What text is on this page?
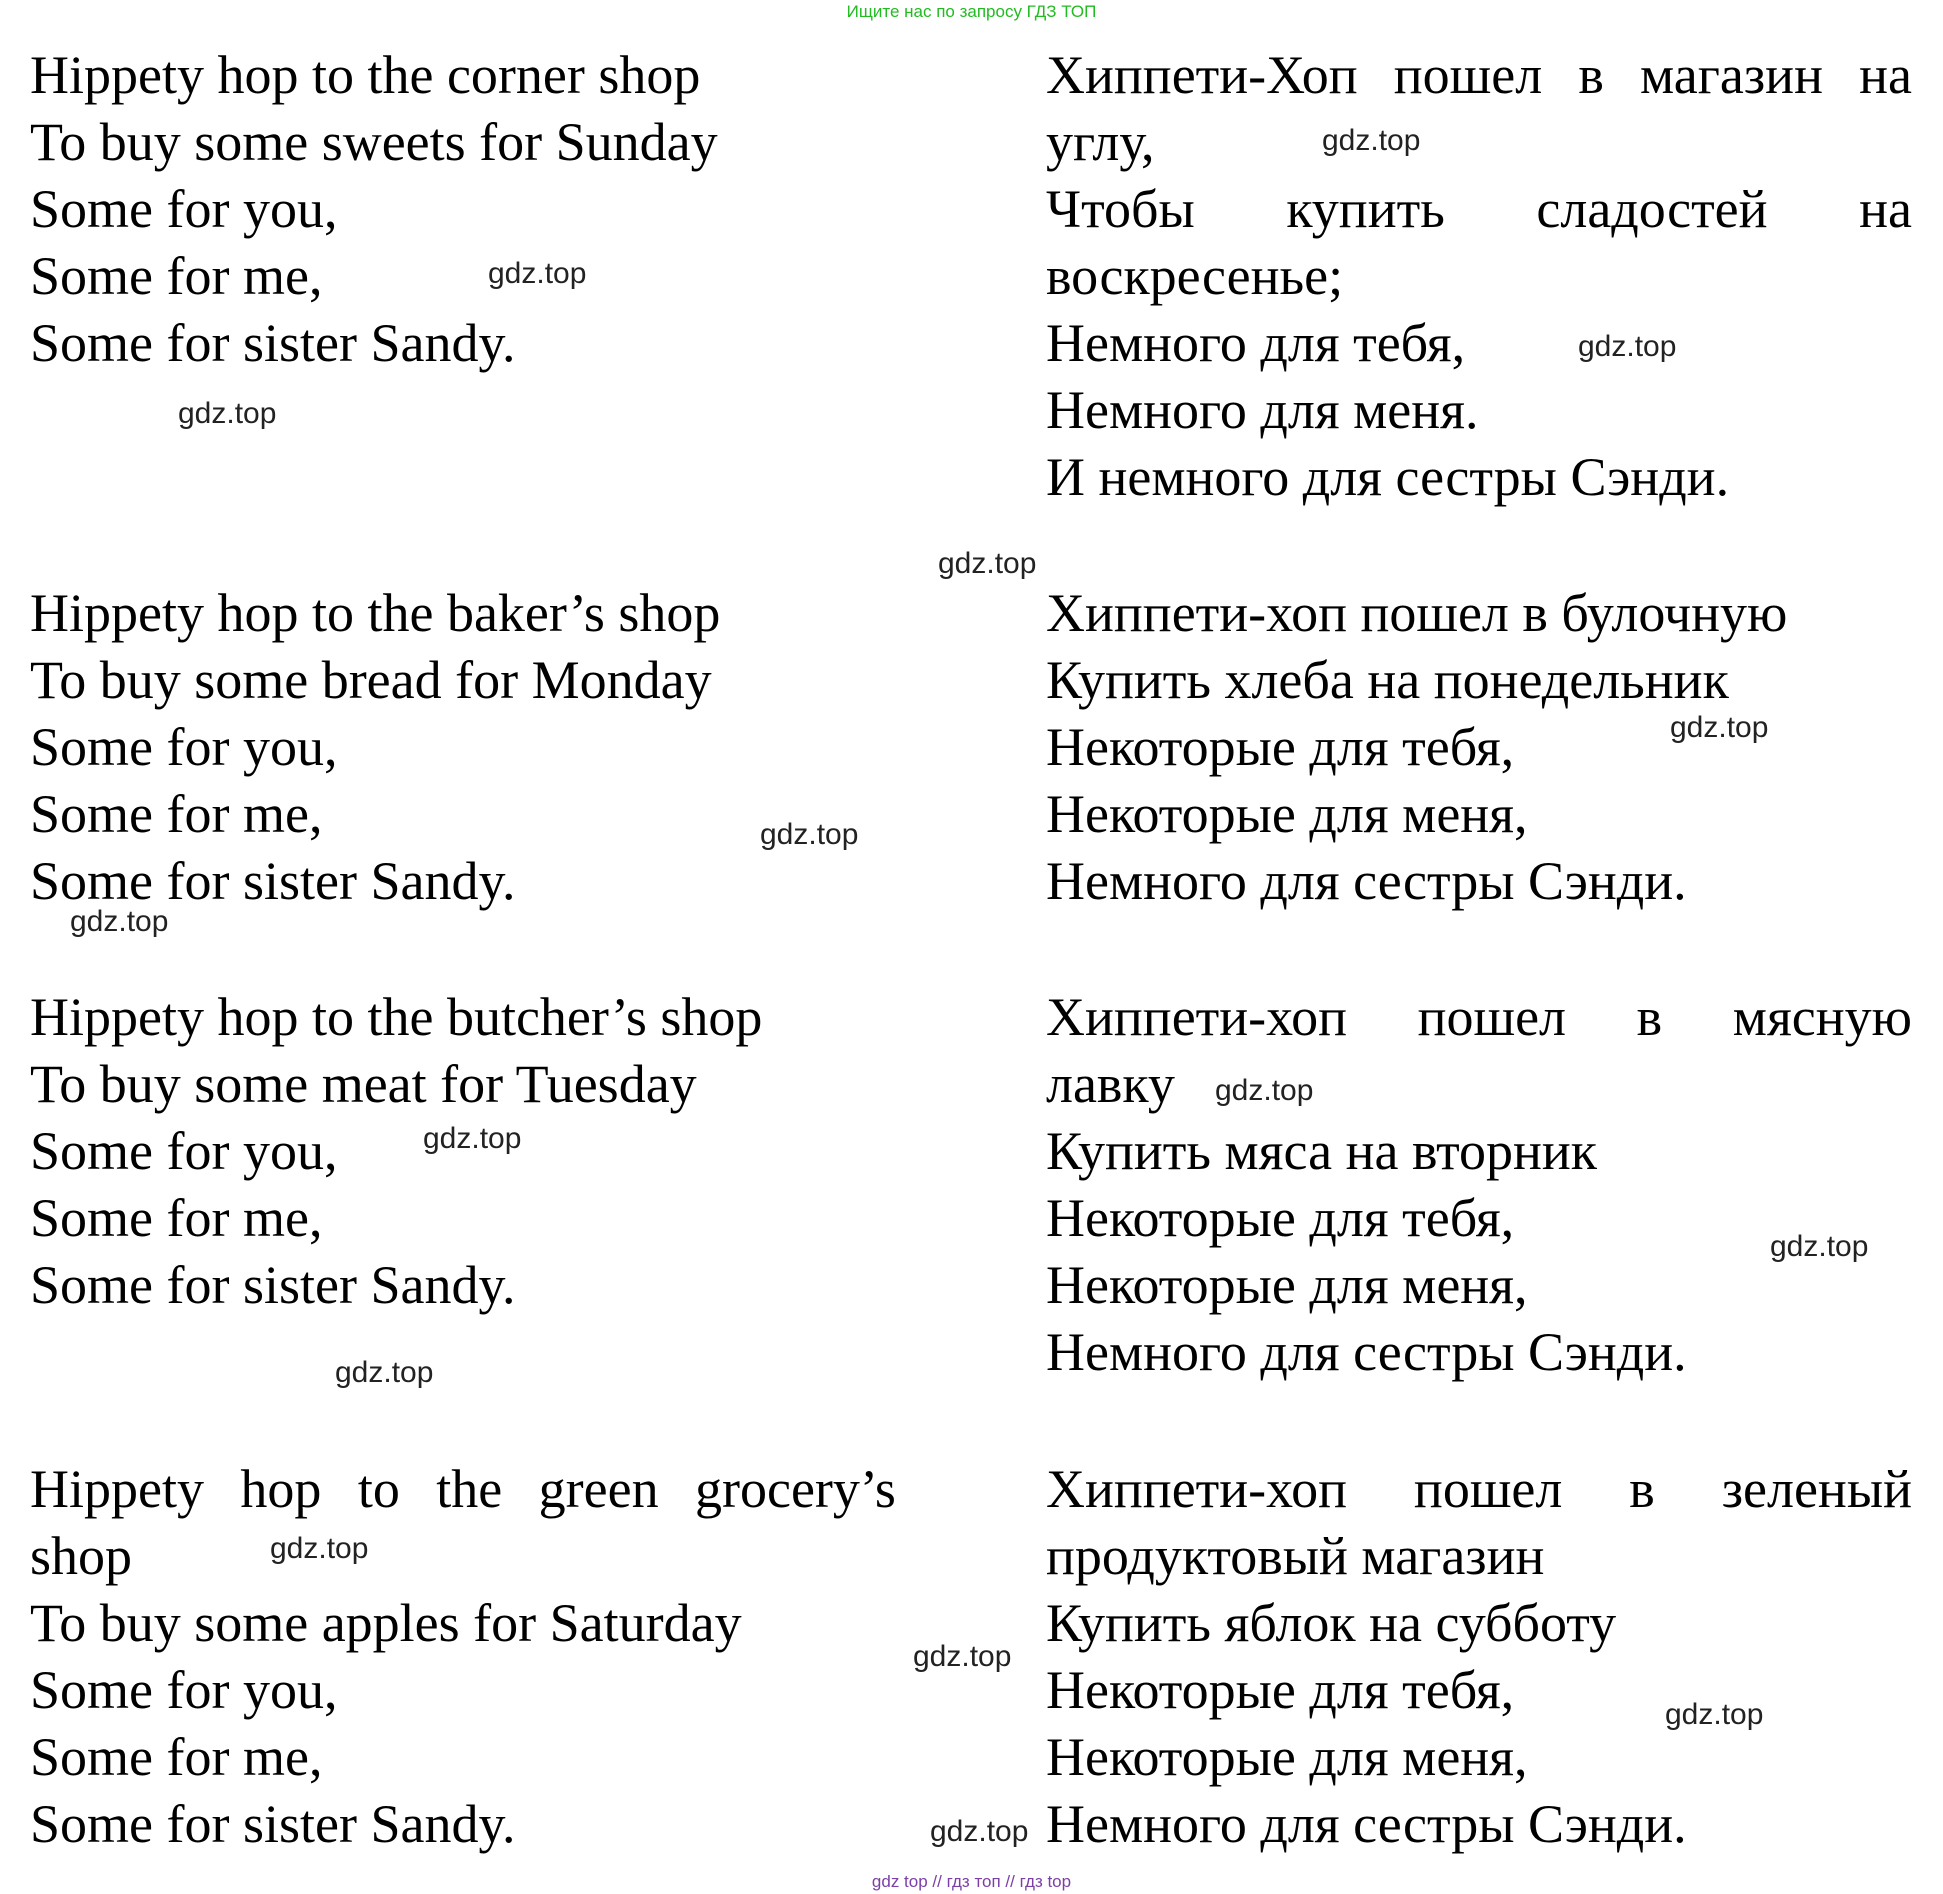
Ищите нас по запросу ГДЗ ТОП

Hippety hop to the corner shop

To buy some sweets for Sunday

Some for you,

Some for me,

Some for sister Sandy.

Хиппети-Хоп пошел в магазин на

углу,

Чтобы купить сладостей на

воскресенье;

Немного для тебя,

Немного для меня.

И немного для сестры Сэнди.

Hippety hop to the baker’s shop

To buy some bread for Monday

Some for you,

Some for me,

Some for sister Sandy.

Хиппети-хоп пошел в булочную

Купить хлеба на понедельник

Некоторые для тебя,

Некоторые для меня,

Немного для сестры Сэнди.

Hippety hop to the butcher’s shop

To buy some meat for Tuesday

Some for you,

Some for me,

Some for sister Sandy.

Хиппети-хоп пошел в мясную

лавку

Купить мяса на вторник

Некоторые для тебя,

Некоторые для меня,

Немного для сестры Сэнди.

Hippety hop to the green grocery’s

shop

To buy some apples for Saturday

Some for you,

Some for me,

Some for sister Sandy.

Хиппети-хоп пошел в зеленый

продуктовый магазин

Купить яблок на субботу

Некоторые для тебя,

Некоторые для меня,

Немного для сестры Сэнди.

gdz.top
gdz.top
gdz.top
gdz.top
gdz.top
gdz.top
gdz.top
gdz.top
gdz.top
gdz.top
gdz.top
gdz.top
gdz.top
gdz.top
gdz.top
gdz.top
gdz top // гдз топ // гдз top
